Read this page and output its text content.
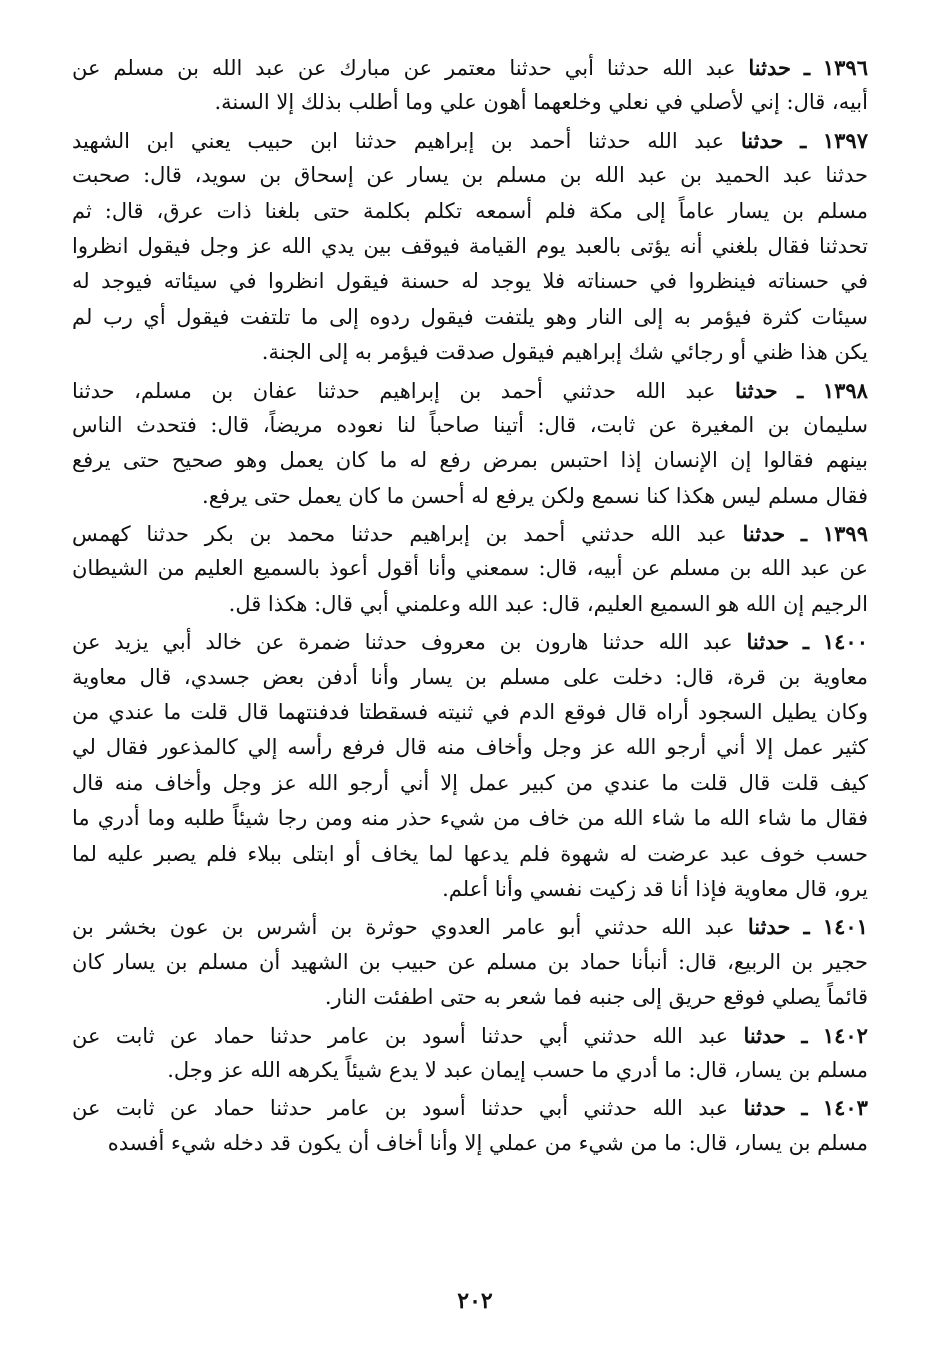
١٣٩٦ ـ حدثنا عبد الله حدثنا أبي حدثنا معتمر عن مبارك عن عبد الله بن مسلم عن
أبيه، قال: إني لأصلي في نعلي وخلعهما أهون علي وما أطلب بذلك إلا السنة.
١٣٩٧ ـ حدثنا عبد الله حدثنا أحمد بن إبراهيم حدثنا ابن حبيب يعني ابن الشهيد
حدثنا عبد الحميد بن عبد الله بن مسلم بن يسار عن إسحاق بن سويد، قال: صحبت
مسلم بن يسار عاماً إلى مكة فلم أسمعه تكلم بكلمة حتى بلغنا ذات عرق، قال: ثم
تحدثنا فقال بلغني أنه يؤتى بالعبد يوم القيامة فيوقف بين يدي الله عز وجل فيقول انظروا
في حسناته فينظروا في حسناته فلا يوجد له حسنة فيقول انظروا في سيئاته فيوجد له
سيئات كثرة فيؤمر به إلى النار وهو يلتفت فيقول ردوه إلى ما تلتفت فيقول أي رب لم
يكن هذا ظني أو رجائي شك إبراهيم فيقول صدقت فيؤمر به إلى الجنة.
١٣٩٨ ـ حدثنا عبد الله حدثني أحمد بن إبراهيم حدثنا عفان بن مسلم، حدثنا
سليمان بن المغيرة عن ثابت، قال: أتينا صاحباً لنا نعوده مريضاً، قال: فتحدث الناس
بينهم فقالوا إن الإنسان إذا احتبس بمرض رفع له ما كان يعمل وهو صحيح حتى يرفع
فقال مسلم ليس هكذا كنا نسمع ولكن يرفع له أحسن ما كان يعمل حتى يرفع.
١٣٩٩ ـ حدثنا عبد الله حدثني أحمد بن إبراهيم حدثنا محمد بن بكر حدثنا كهمس
عن عبد الله بن مسلم عن أبيه، قال: سمعني وأنا أقول أعوذ بالسميع العليم من الشيطان
الرجيم إن الله هو السميع العليم، قال: عبد الله وعلمني أبي قال: هكذا قل.
١٤٠٠ ـ حدثنا عبد الله حدثنا هارون بن معروف حدثنا ضمرة عن خالد أبي يزيد عن
معاوية بن قرة، قال: دخلت على مسلم بن يسار وأنا أدفن بعض جسدي، قال معاوية
وكان يطيل السجود أراه قال فوقع الدم في ثنيته فسقطتا فدفنتهما قال قلت ما عندي من
كثير عمل إلا أني أرجو الله عز وجل وأخاف منه قال فرفع رأسه إلي كالمذعور فقال لي
كيف قلت قال قلت ما عندي من كبير عمل إلا أني أرجو الله عز وجل وأخاف منه قال
فقال ما شاء الله ما شاء الله من خاف من شيء حذر منه ومن رجا شيئاً طلبه وما أدري ما
حسب خوف عبد عرضت له شهوة فلم يدعها لما يخاف أو ابتلى ببلاء فلم يصبر عليه لما
يرو، قال معاوية فإذا أنا قد زكيت نفسي وأنا أعلم.
١٤٠١ ـ حدثنا عبد الله حدثني أبو عامر العدوي حوثرة بن أشرس بن عون بخشر بن
حجير بن الربيع، قال: أنبأنا حماد بن مسلم عن حبيب بن الشهيد أن مسلم بن يسار كان
قائماً يصلي فوقع حريق إلى جنبه فما شعر به حتى اطفئت النار.
١٤٠٢ ـ حدثنا عبد الله حدثني أبي حدثنا أسود بن عامر حدثنا حماد عن ثابت عن
مسلم بن يسار، قال: ما أدري ما حسب إيمان عبد لا يدع شيئاً يكرهه الله عز وجل.
١٤٠٣ ـ حدثنا عبد الله حدثني أبي حدثنا أسود بن عامر حدثنا حماد عن ثابت عن
مسلم بن يسار، قال: ما من شيء من عملي إلا وأنا أخاف أن يكون قد دخله شيء أفسده
٢٠٢
